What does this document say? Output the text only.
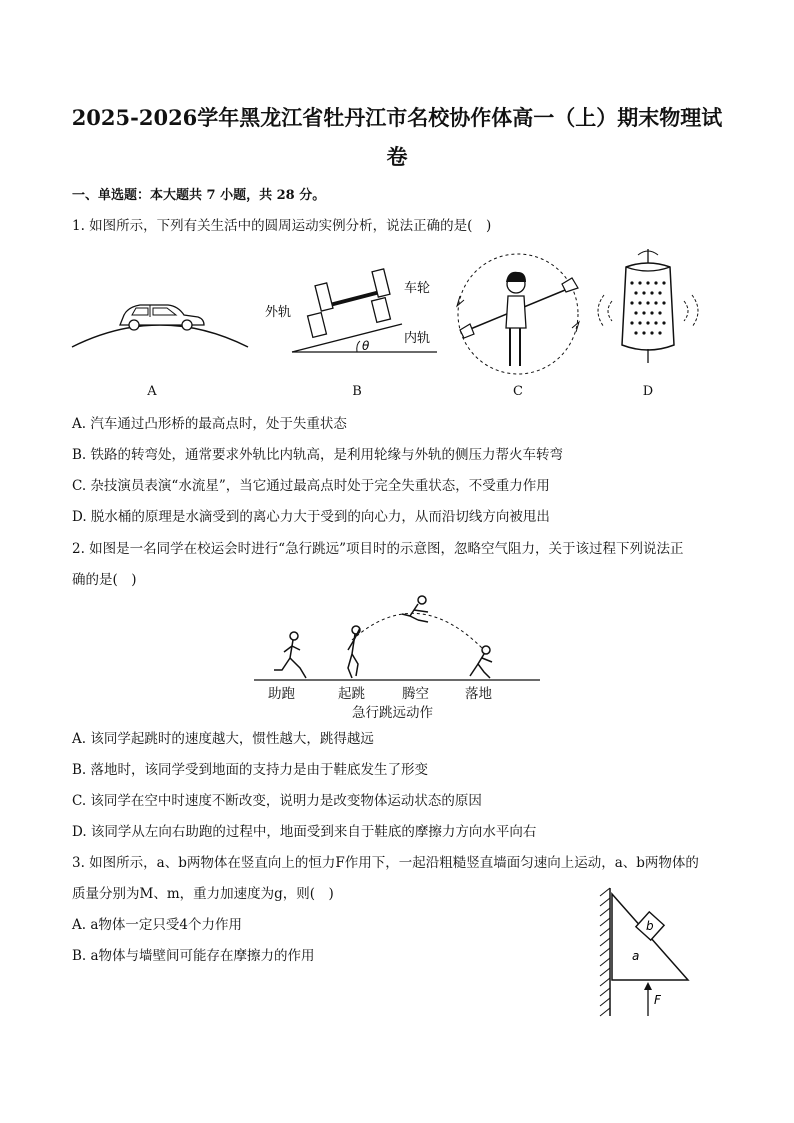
2025-2026学年黑龙江省牡丹江市名校协作体高一（上）期末物理试
卷
一、单选题：本大题共 7 小题，共 28 分。
1. 如图所示，下列有关生活中的圆周运动实例分析，说法正确的是(　)
θ
外轨
车轮
内轨
A	B	C	D
A. 汽车通过凸形桥的最高点时，处于失重状态
B. 铁路的转弯处，通常要求外轨比内轨高，是利用轮缘与外轨的侧压力帮火车转弯
C. 杂技演员表演“水流星”，当它通过最高点时处于完全失重状态，不受重力作用
D. 脱水桶的原理是水滴受到的离心力大于受到的向心力，从而沿切线方向被甩出
2. 如图是一名同学在校运会时进行“急行跳远”项目时的示意图，忽略空气阻力，关于该过程下列说法正
确的是(　)
助跑	起跳	腾空	落地
急行跳远动作
A. 该同学起跳时的速度越大，惯性越大，跳得越远
B. 落地时，该同学受到地面的支持力是由于鞋底发生了形变
C. 该同学在空中时速度不断改变，说明力是改变物体运动状态的原因
D. 该同学从左向右助跑的过程中，地面受到来自于鞋底的摩擦力方向水平向右
3. 如图所示，a、b两物体在竖直向上的恒力F作用下，一起沿粗糙竖直墙面匀速向上运动，a、b两物体的
质量分别为M、m，重力加速度为g，则(　)
A. a物体一定只受4个力作用
B. a物体与墙壁间可能存在摩擦力的作用
b
a
F
